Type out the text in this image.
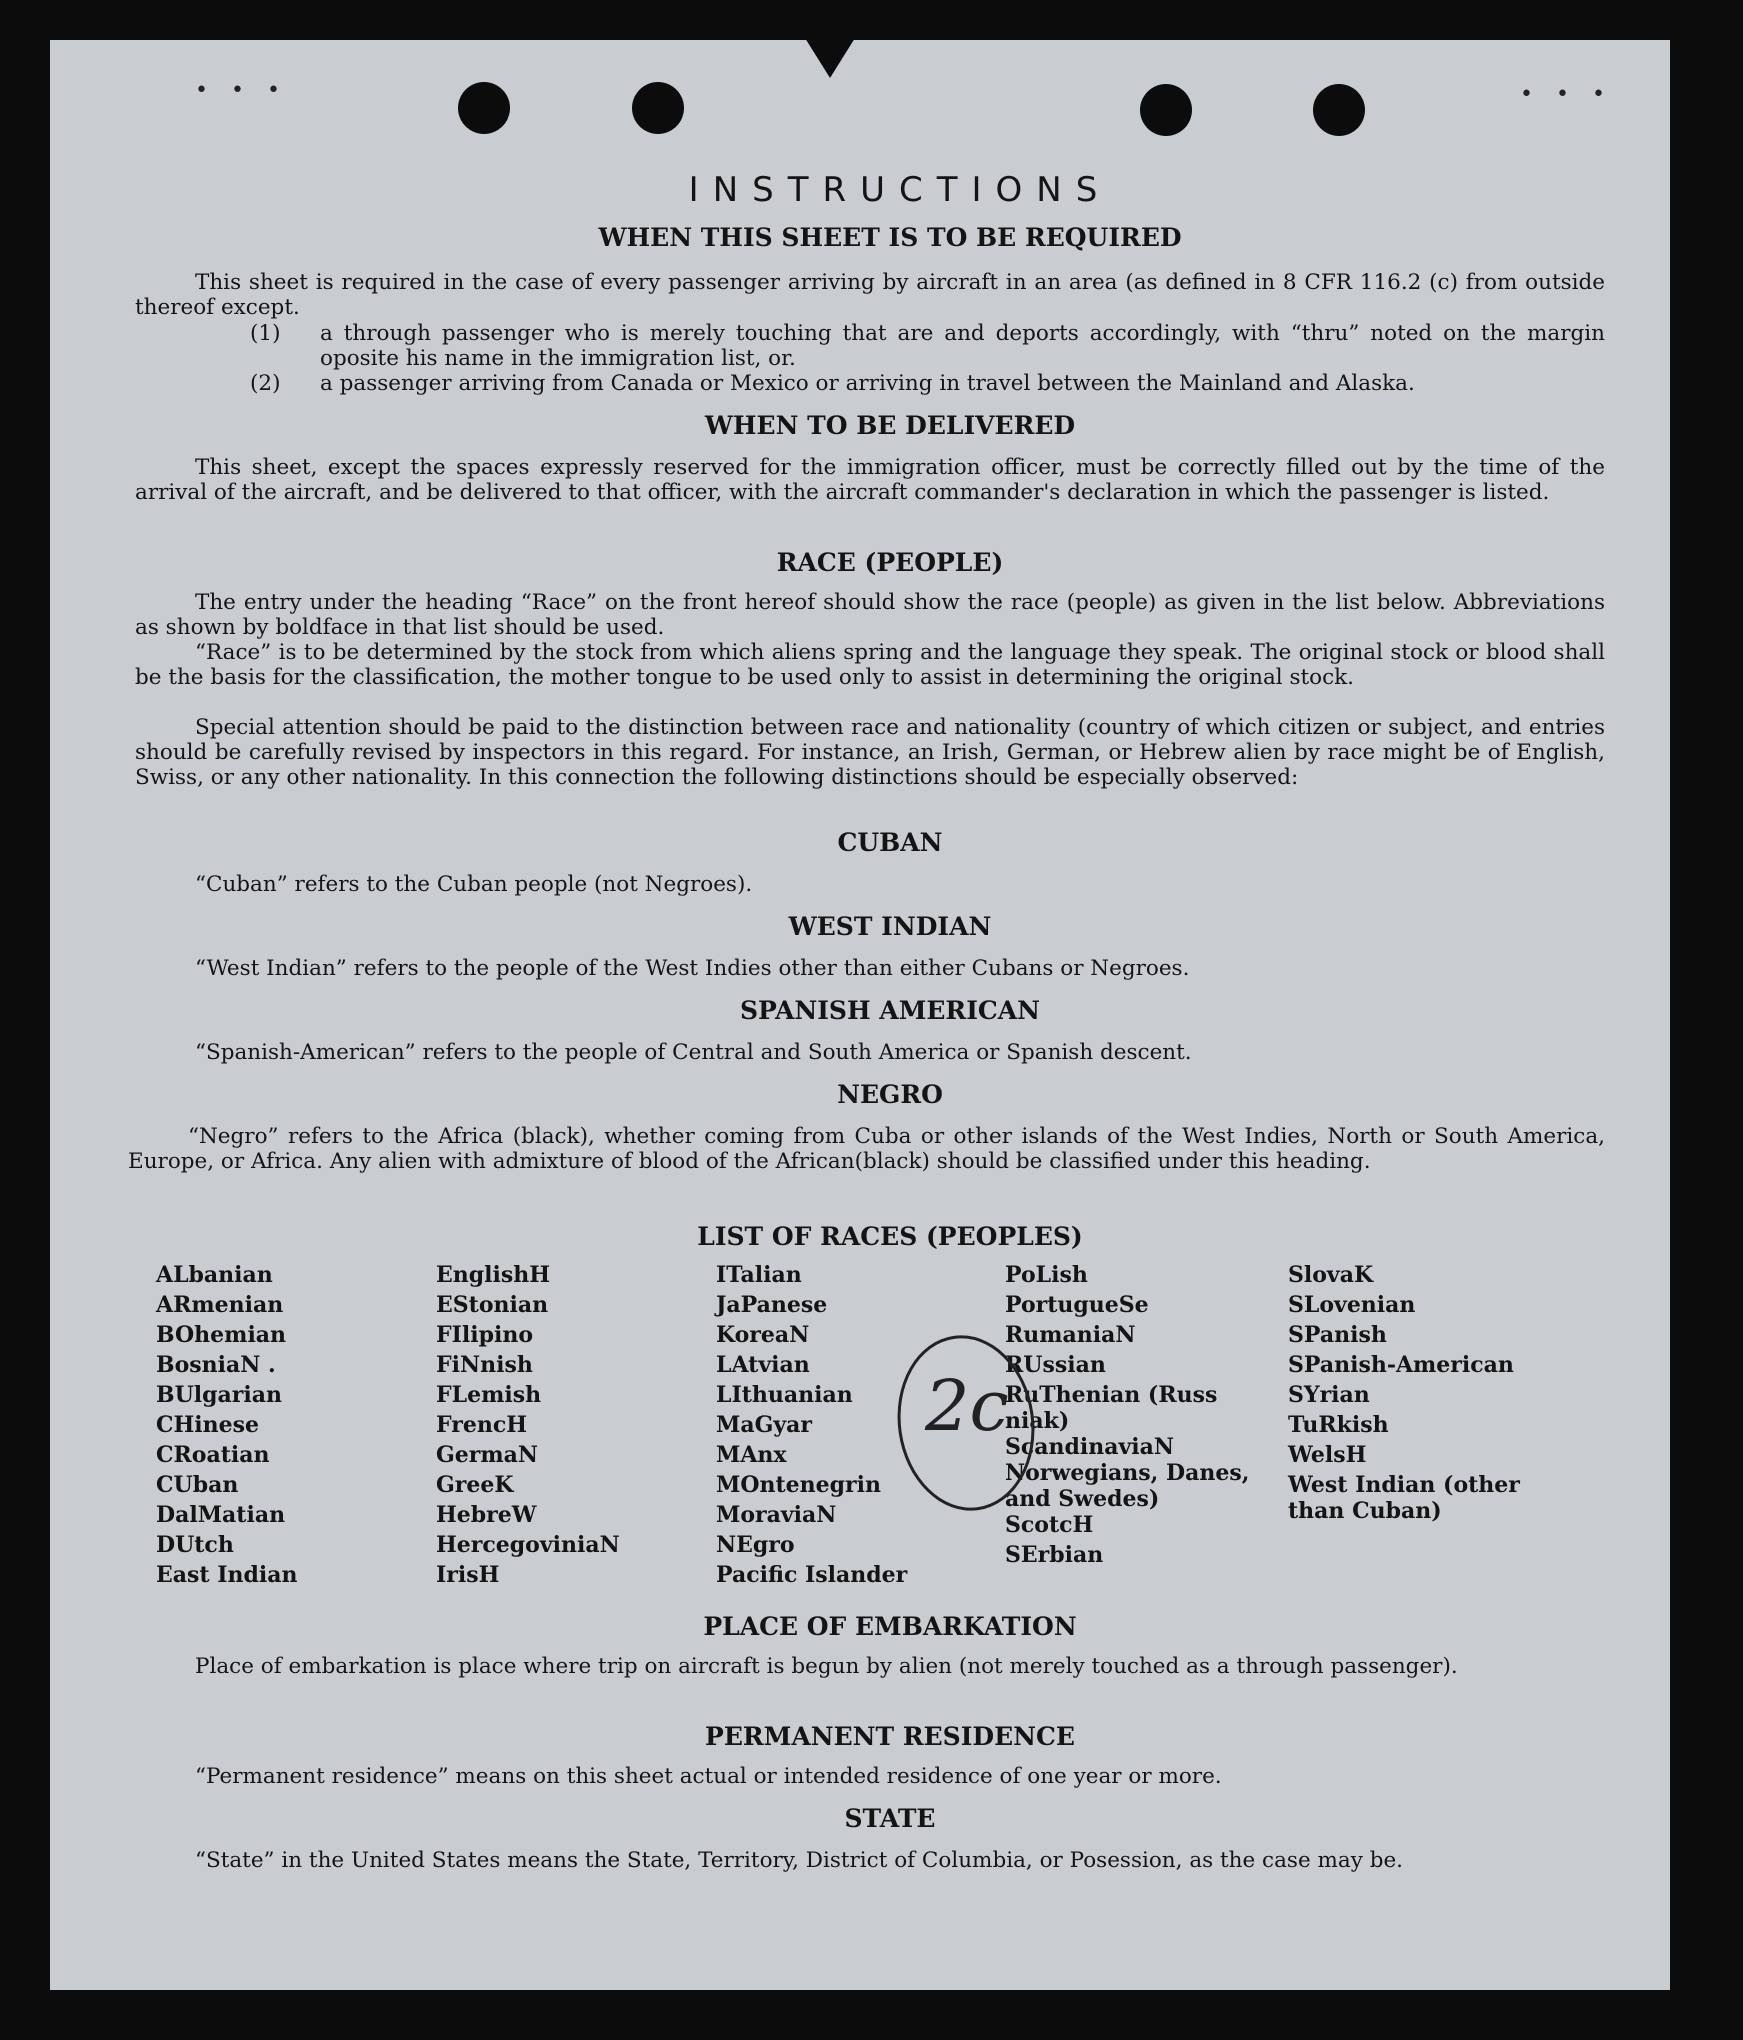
• • •	• • •
INSTRUCTIONS
WHEN THIS SHEET IS TO BE REQUIRED

This sheet is required in the case of every passenger arriving by aircraft in an area (as defined in 8 CFR 116.2 (c) from outside thereof except.

(1) a through passenger who is merely touching that are and deports accordingly, with “thru” noted on the margin oposite his name in the immigration list, or.
(2) a passenger arriving from Canada or Mexico or arriving in travel between the Mainland and Alaska.
WHEN TO BE DELIVERED

This sheet, except the spaces expressly reserved for the immigration officer, must be correctly filled out by the time of the arrival of the aircraft, and be delivered to that officer, with the aircraft commander's declaration in which the passenger is listed.

RACE (PEOPLE)

The entry under the heading “Race” on the front hereof should show the race (people) as given in the list below. Abbreviations as shown by boldface in that list should be used.

“Race” is to be determined by the stock from which aliens spring and the language they speak. The original stock or blood shall be the basis for the classification, the mother tongue to be used only to assist in determining the original stock.

Special attention should be paid to the distinction between race and nationality (country of which citizen or subject, and entries should be carefully revised by inspectors in this regard. For instance, an Irish, German, or Hebrew alien by race might be of English, Swiss, or any other nationality. In this connection the following distinctions should be especially observed:

CUBAN

“Cuban” refers to the Cuban people (not Negroes).

WEST INDIAN

“West Indian” refers to the people of the West Indies other than either Cubans or Negroes.

SPANISH AMERICAN

“Spanish-American” refers to the people of Central and South America or Spanish descent.

NEGRO

“Negro” refers to the Africa (black), whether coming from Cuba or other islands of the West Indies, North or South America, Europe, or Africa. Any alien with admixture of blood of the African(black) should be classified under this heading.

LIST OF RACES (PEOPLES)
ALbanian
ARmenian
BOhemian
BosniaN .
BUlgarian
CHinese
CRoatian
CUban
DalMatian
DUtch
East Indian
EnglishH
EStonian
FIlipino
FiNnish
FLemish
FrencH
GermaN
GreeK
HebreW
HercegoviniaN
IrisH
ITalian
JaPanese
KoreaN
LAtvian
LIthuanian
MaGyar
MAnx
MOntenegrin
MoraviaN
NEgro
Pacific Islander
PoLish
PortugueSe
RumaniaN
RUssian
RuThenian (Russ niak)
ScandinaviaN Norwegians, Danes, and Swedes)
ScotcH
SErbian
SlovaK
SLovenian
SPanish
SPanish-American
SYrian
TuRkish
WelsH
West Indian (other than Cuban)
2c
PLACE OF EMBARKATION

Place of embarkation is place where trip on aircraft is begun by alien (not merely touched as a through passenger).

PERMANENT RESIDENCE

“Permanent residence” means on this sheet actual or intended residence of one year or more.

STATE

“State” in the United States means the State, Territory, District of Columbia, or Posession, as the case may be.
